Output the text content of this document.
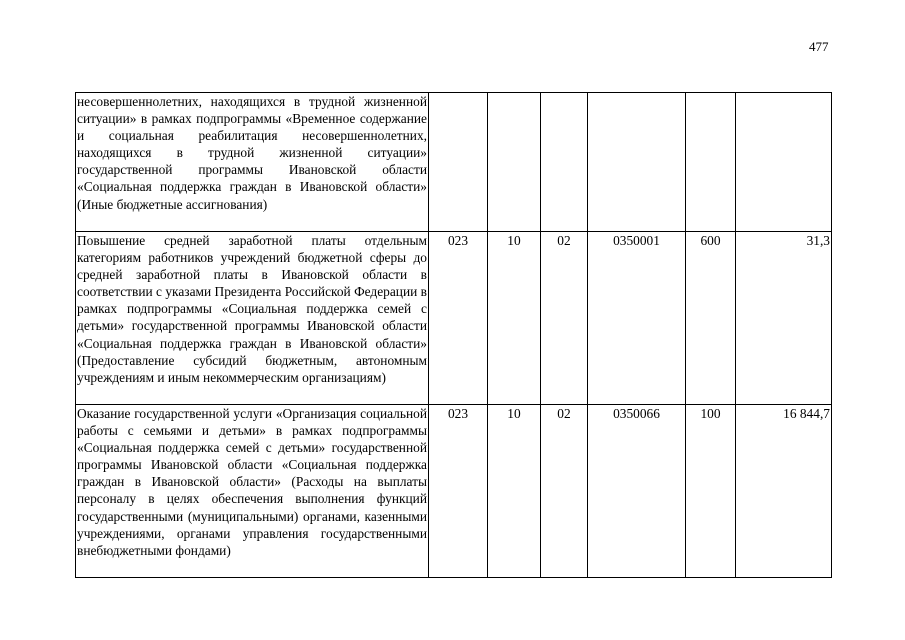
477
несовершеннолетних, находящихся в трудной жизненной ситуации» в рамках подпрограммы «Временное содержание и социальная реабилитация несовершеннолетних, находящихся в трудной жизненной ситуации» государственной программы Ивановской области «Социальная поддержка граждан в Ивановской области» (Иные бюджетные ассигнования)						
Повышение средней заработной платы отдельным категориям работников учреждений бюджетной сферы до средней заработной платы в Ивановской области в соответствии с указами Президента Российской Федерации в рамках подпрограммы «Социальная поддержка семей с детьми» государственной программы Ивановской области «Социальная поддержка граждан в Ивановской области» (Предоставление субсидий бюджетным, автономным учреждениям и иным некоммерческим организациям)	023	10	02	0350001	600	31,3
Оказание государственной услуги «Организация социальной работы с семьями и детьми» в рамках подпрограммы «Социальная поддержка семей с детьми» государственной программы Ивановской области «Социальная поддержка граждан в Ивановской области» (Расходы на выплаты персоналу в целях обеспечения выполнения функций государственными (муниципальными) органами, казенными учреждениями, органами управления государственными внебюджетными фондами)	023	10	02	0350066	100	16 844,7
